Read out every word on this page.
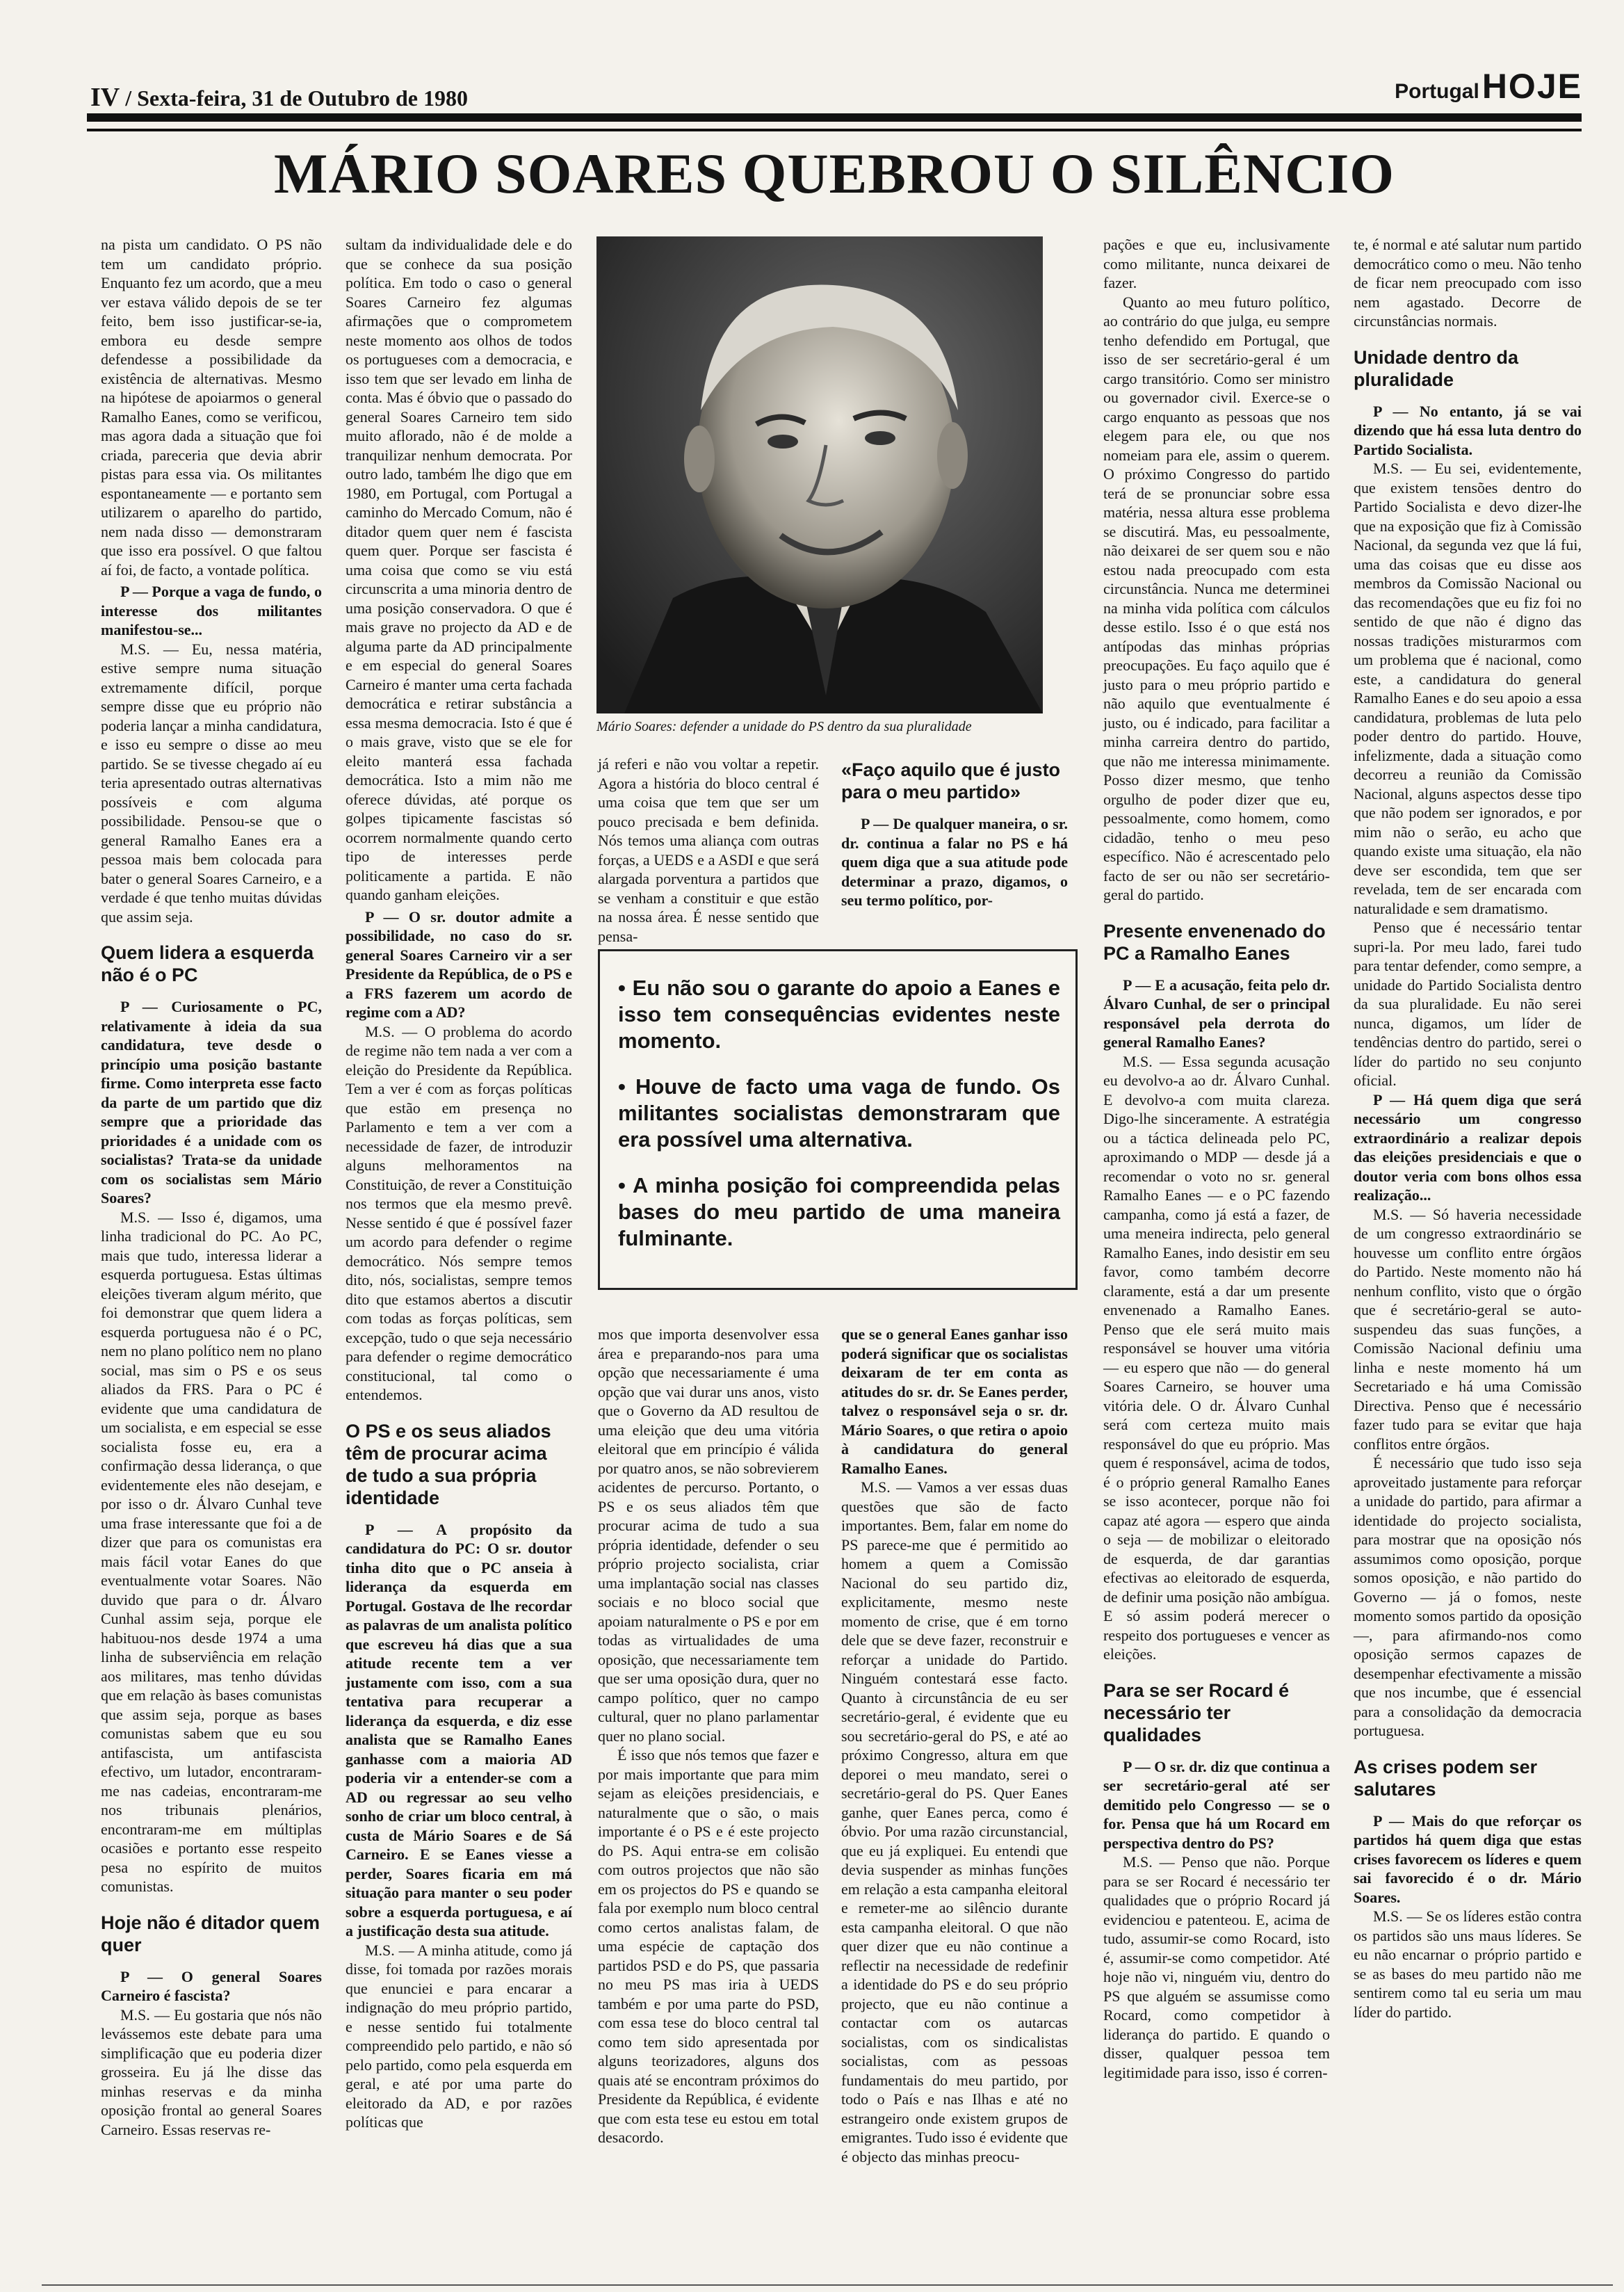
IV / Sexta-feira, 31 de Outubro de 1980	Portugal HOJE
MÁRIO SOARES QUEBROU O SILÊNCIO

na pista um candidato. O PS não tem um candidato próprio. Enquanto fez um acordo, que a meu ver estava válido depois de se ter feito, bem isso justificar-se-ia, embora eu desde sempre defendesse a possibilidade da existência de alternativas. Mesmo na hipótese de apoiarmos o general Ramalho Eanes, como se verificou, mas agora dada a situação que foi criada, pareceria que devia abrir pistas para essa via. Os militantes espontaneamente — e portanto sem utilizarem o aparelho do partido, nem nada disso — demonstraram que isso era possível. O que faltou aí foi, de facto, a vontade política.

P — Porque a vaga de fundo, o interesse dos militantes manifestou-se...

M.S. — Eu, nessa matéria, estive sempre numa situação extremamente difícil, porque sempre disse que eu próprio não poderia lançar a minha candidatura, e isso eu sempre o disse ao meu partido. Se se tivesse chegado aí eu teria apresentado outras alternativas possíveis e com alguma possibilidade. Pensou-se que o general Ramalho Eanes era a pessoa mais bem colocada para bater o general Soares Carneiro, e a verdade é que tenho muitas dúvidas que assim seja.

Quem lidera a esquerda não é o PC

P — Curiosamente o PC, relativamente à ideia da sua candidatura, teve desde o princípio uma posição bastante firme. Como interpreta esse facto da parte de um partido que diz sempre que a prioridade das prioridades é a unidade com os socialistas? Trata-se da unidade com os socialistas sem Mário Soares?

M.S. — Isso é, digamos, uma linha tradicional do PC. Ao PC, mais que tudo, interessa liderar a esquerda portuguesa. Estas últimas eleições tiveram algum mérito, que foi demonstrar que quem lidera a esquerda portuguesa não é o PC, nem no plano político nem no plano social, mas sim o PS e os seus aliados da FRS. Para o PC é evidente que uma candidatura de um socialista, e em especial se esse socialista fosse eu, era a confirmação dessa liderança, o que evidentemente eles não desejam, e por isso o dr. Álvaro Cunhal teve uma frase interessante que foi a de dizer que para os comunistas era mais fácil votar Eanes do que eventualmente votar Soares. Não duvido que para o dr. Álvaro Cunhal assim seja, porque ele habituou-nos desde 1974 a uma linha de subserviência em relação aos militares, mas tenho dúvidas que em relação às bases comunistas que assim seja, porque as bases comunistas sabem que eu sou antifascista, um antifascista efectivo, um lutador, encontraram-me nas cadeias, encontraram-me nos tribunais plenários, encontraram-me em múltiplas ocasiões e portanto esse respeito pesa no espírito de muitos comunistas.

Hoje não é ditador quem quer

P — O general Soares Carneiro é fascista?

M.S. — Eu gostaria que nós não levássemos este debate para uma simplificação que eu poderia dizer grosseira. Eu já lhe disse das minhas reservas e da minha oposição frontal ao general Soares Carneiro. Essas reservas re-

sultam da individualidade dele e do que se conhece da sua posição política. Em todo o caso o general Soares Carneiro fez algumas afirmações que o comprometem neste momento aos olhos de todos os portugueses com a democracia, e isso tem que ser levado em linha de conta. Mas é óbvio que o passado do general Soares Carneiro tem sido muito aflorado, não é de molde a tranquilizar nenhum democrata. Por outro lado, também lhe digo que em 1980, em Portugal, com Portugal a caminho do Mercado Comum, não é ditador quem quer nem é fascista quem quer. Porque ser fascista é uma coisa que como se viu está circunscrita a uma minoria dentro de uma posição conservadora. O que é mais grave no projecto da AD e de alguma parte da AD principalmente e em especial do general Soares Carneiro é manter uma certa fachada democrática e retirar substância a essa mesma democracia. Isto é que é o mais grave, visto que se ele for eleito manterá essa fachada democrática. Isto a mim não me oferece dúvidas, até porque os golpes tipicamente fascistas só ocorrem normalmente quando certo tipo de interesses perde politicamente a partida. E não quando ganham eleições.

P — O sr. doutor admite a possibilidade, no caso do sr. general Soares Carneiro vir a ser Presidente da República, de o PS e a FRS fazerem um acordo de regime com a AD?

M.S. — O problema do acordo de regime não tem nada a ver com a eleição do Presidente da República. Tem a ver é com as forças políticas que estão em presença no Parlamento e tem a ver com a necessidade de fazer, de introduzir alguns melhoramentos na Constituição, de rever a Constituição nos termos que ela mesmo prevê. Nesse sentido é que é possível fazer um acordo para defender o regime democrático. Nós sempre temos dito, nós, socialistas, sempre temos dito que estamos abertos a discutir com todas as forças políticas, sem excepção, tudo o que seja necessário para defender o regime democrático constitucional, tal como o entendemos.

O PS e os seus aliados têm de procurar acima de tudo a sua própria identidade

P — A propósito da candidatura do PC: O sr. doutor tinha dito que o PC anseia à liderança da esquerda em Portugal. Gostava de lhe recordar as palavras de um analista político que escreveu há dias que a sua atitude recente tem a ver justamente com isso, com a sua tentativa para recuperar a liderança da esquerda, e diz esse analista que se Ramalho Eanes ganhasse com a maioria AD poderia vir a entender-se com a AD ou regressar ao seu velho sonho de criar um bloco central, à custa de Mário Soares e de Sá Carneiro. E se Eanes viesse a perder, Soares ficaria em má situação para manter o seu poder sobre a esquerda portuguesa, e aí a justificação desta sua atitude.

M.S. — A minha atitude, como já disse, foi tomada por razões morais que enunciei e para encarar a indignação do meu próprio partido, e nesse sentido fui totalmente compreendido pelo partido, e não só pelo partido, como pela esquerda em geral, e até por uma parte do eleitorado da AD, e por razões políticas que

Mário Soares: defender a unidade do PS dentro da sua pluralidade

já referi e não vou voltar a repetir. Agora a história do bloco central é uma coisa que tem que ser um pouco precisada e bem definida. Nós temos uma aliança com outras forças, a UEDS e a ASDI e que será alargada porventura a partidos que se venham a constituir e que estão na nossa área. É nesse sentido que pensa-

mos que importa desenvolver essa área e preparando-nos para uma opção que necessariamente é uma opção que vai durar uns anos, visto que o Governo da AD resultou de uma eleição que deu uma vitória eleitoral que em princípio é válida por quatro anos, se não sobrevierem acidentes de percurso. Portanto, o PS e os seus aliados têm que procurar acima de tudo a sua própria identidade, defender o seu próprio projecto socialista, criar uma implantação social nas classes sociais e no bloco social que apoiam naturalmente o PS e por em todas as virtualidades de uma oposição, que necessariamente tem que ser uma oposição dura, quer no campo político, quer no campo cultural, quer no plano parlamentar quer no plano social.

É isso que nós temos que fazer e por mais importante que para mim sejam as eleições presidenciais, e naturalmente que o são, o mais importante é o PS e é este projecto do PS. Aqui entra-se em colisão com outros projectos que não são em os projectos do PS e quando se fala por exemplo num bloco central como certos analistas falam, de uma espécie de captação dos partidos PSD e do PS, que passaria no meu PS mas iria à UEDS também e por uma parte do PSD, com essa tese do bloco central tal como tem sido apresentada por alguns teorizadores, alguns dos quais até se encontram próximos do Presidente da República, é evidente que com esta tese eu estou em total desacordo.

«Faço aquilo que é justo para o meu partido»

P — De qualquer maneira, o sr. dr. continua a falar no PS e há quem diga que a sua atitude pode determinar a prazo, digamos, o seu termo político, por-

que se o general Eanes ganhar isso poderá significar que os socialistas deixaram de ter em conta as atitudes do sr. dr. Se Eanes perder, talvez o responsável seja o sr. dr. Mário Soares, o que retira o apoio à candidatura do general Ramalho Eanes.

M.S. — Vamos a ver essas duas questões que são de facto importantes. Bem, falar em nome do PS parece-me que é permitido ao homem a quem a Comissão Nacional do seu partido diz, explicitamente, mesmo neste momento de crise, que é em torno dele que se deve fazer, reconstruir e reforçar a unidade do Partido. Ninguém contestará esse facto. Quanto à circunstância de eu ser secretário-geral, é evidente que eu sou secretário-geral do PS, e até ao próximo Congresso, altura em que deporei o meu mandato, serei o secretário-geral do PS. Quer Eanes ganhe, quer Eanes perca, como é óbvio. Por uma razão circunstancial, que eu já expliquei. Eu entendi que devia suspender as minhas funções em relação a esta campanha eleitoral e remeter-me ao silêncio durante esta campanha eleitoral. O que não quer dizer que eu não continue a reflectir na necessidade de redefinir a identidade do PS e do seu próprio projecto, que eu não continue a contactar com os autarcas socialistas, com os sindicalistas socialistas, com as pessoas fundamentais do meu partido, por todo o País e nas Ilhas e até no estrangeiro onde existem grupos de emigrantes. Tudo isso é evidente que é objecto das minhas preocu-

• Eu não sou o garante do apoio a Eanes e isso tem consequências evidentes neste momento.

• Houve de facto uma vaga de fundo. Os militantes socialistas demonstraram que era possível uma alternativa.

• A minha posição foi compreendida pelas bases do meu partido de uma maneira fulminante.

pações e que eu, inclusivamente como militante, nunca deixarei de fazer.

Quanto ao meu futuro político, ao contrário do que julga, eu sempre tenho defendido em Portugal, que isso de ser secretário-geral é um cargo transitório. Como ser ministro ou governador civil. Exerce-se o cargo enquanto as pessoas que nos elegem para ele, ou que nos nomeiam para ele, assim o querem. O próximo Congresso do partido terá de se pronunciar sobre essa matéria, nessa altura esse problema se discutirá. Mas, eu pessoalmente, não deixarei de ser quem sou e não estou nada preocupado com esta circunstância. Nunca me determinei na minha vida política com cálculos desse estilo. Isso é o que está nos antípodas das minhas próprias preocupações. Eu faço aquilo que é justo para o meu próprio partido e não aquilo que eventualmente é justo, ou é indicado, para facilitar a minha carreira dentro do partido, que não me interessa minimamente. Posso dizer mesmo, que tenho orgulho de poder dizer que eu, pessoalmente, como homem, como cidadão, tenho o meu peso específico. Não é acrescentado pelo facto de ser ou não ser secretário-geral do partido.

Presente envenenado do PC a Ramalho Eanes

P — E a acusação, feita pelo dr. Álvaro Cunhal, de ser o principal responsável pela derrota do general Ramalho Eanes?

M.S. — Essa segunda acusação eu devolvo-a ao dr. Álvaro Cunhal. E devolvo-a com muita clareza. Digo-lhe sinceramente. A estratégia ou a táctica delineada pelo PC, aproximando o MDP — desde já a recomendar o voto no sr. general Ramalho Eanes — e o PC fazendo campanha, como já está a fazer, de uma meneira indirecta, pelo general Ramalho Eanes, indo desistir em seu favor, como também decorre claramente, está a dar um presente envenenado a Ramalho Eanes. Penso que ele será muito mais responsável se houver uma vitória — eu espero que não — do general Soares Carneiro, se houver uma vitória dele. O dr. Álvaro Cunhal será com certeza muito mais responsável do que eu próprio. Mas quem é responsável, acima de todos, é o próprio general Ramalho Eanes se isso acontecer, porque não foi capaz até agora — espero que ainda o seja — de mobilizar o eleitorado de esquerda, de dar garantias efectivas ao eleitorado de esquerda, de definir uma posição não ambígua. E só assim poderá merecer o respeito dos portugueses e vencer as eleições.

Para se ser Rocard é necessário ter qualidades

P — O sr. dr. diz que continua a ser secretário-geral até ser demitido pelo Congresso — se o for. Pensa que há um Rocard em perspectiva dentro do PS?

M.S. — Penso que não. Porque para se ser Rocard é necessário ter qualidades que o próprio Rocard já evidenciou e patenteou. E, acima de tudo, assumir-se como Rocard, isto é, assumir-se como competidor. Até hoje não vi, ninguém viu, dentro do PS que alguém se assumisse como Rocard, como competidor à liderança do partido. E quando o disser, qualquer pessoa tem legitimidade para isso, isso é corren-

te, é normal e até salutar num partido democrático como o meu. Não tenho de ficar nem preocupado com isso nem agastado. Decorre de circunstâncias normais.

Unidade dentro da pluralidade

P — No entanto, já se vai dizendo que há essa luta dentro do Partido Socialista.

M.S. — Eu sei, evidentemente, que existem tensões dentro do Partido Socialista e devo dizer-lhe que na exposição que fiz à Comissão Nacional, da segunda vez que lá fui, uma das coisas que eu disse aos membros da Comissão Nacional ou das recomendações que eu fiz foi no sentido de que não é digno das nossas tradições misturarmos com um problema que é nacional, como este, a candidatura do general Ramalho Eanes e do seu apoio a essa candidatura, problemas de luta pelo poder dentro do partido. Houve, infelizmente, dada a situação como decorreu a reunião da Comissão Nacional, alguns aspectos desse tipo que não podem ser ignorados, e por mim não o serão, eu acho que quando existe uma situação, ela não deve ser escondida, tem que ser revelada, tem de ser encarada com naturalidade e sem dramatismo.

Penso que é necessário tentar supri-la. Por meu lado, farei tudo para tentar defender, como sempre, a unidade do Partido Socialista dentro da sua pluralidade. Eu não serei nunca, digamos, um líder de tendências dentro do partido, serei o líder do partido no seu conjunto oficial.

P — Há quem diga que será necessário um congresso extraordinário a realizar depois das eleições presidenciais e que o doutor veria com bons olhos essa realização...

M.S. — Só haveria necessidade de um congresso extraordinário se houvesse um conflito entre órgãos do Partido. Neste momento não há nenhum conflito, visto que o órgão que é secretário-geral se auto-suspendeu das suas funções, a Comissão Nacional definiu uma linha e neste momento há um Secretariado e há uma Comissão Directiva. Penso que é necessário fazer tudo para se evitar que haja conflitos entre órgãos.

É necessário que tudo isso seja aproveitado justamente para reforçar a unidade do partido, para afirmar a identidade do projecto socialista, para mostrar que na oposição nós assumimos como oposição, porque somos oposição, e não partido do Governo — já o fomos, neste momento somos partido da oposição —, para afirmando-nos como oposição sermos capazes de desempenhar efectivamente a missão que nos incumbe, que é essencial para a consolidação da democracia portuguesa.

As crises podem ser salutares

P — Mais do que reforçar os partidos há quem diga que estas crises favorecem os líderes e quem sai favorecido é o dr. Mário Soares.

M.S. — Se os líderes estão contra os partidos são uns maus líderes. Se eu não encarnar o próprio partido e se as bases do meu partido não me sentirem como tal eu seria um mau líder do partido.
